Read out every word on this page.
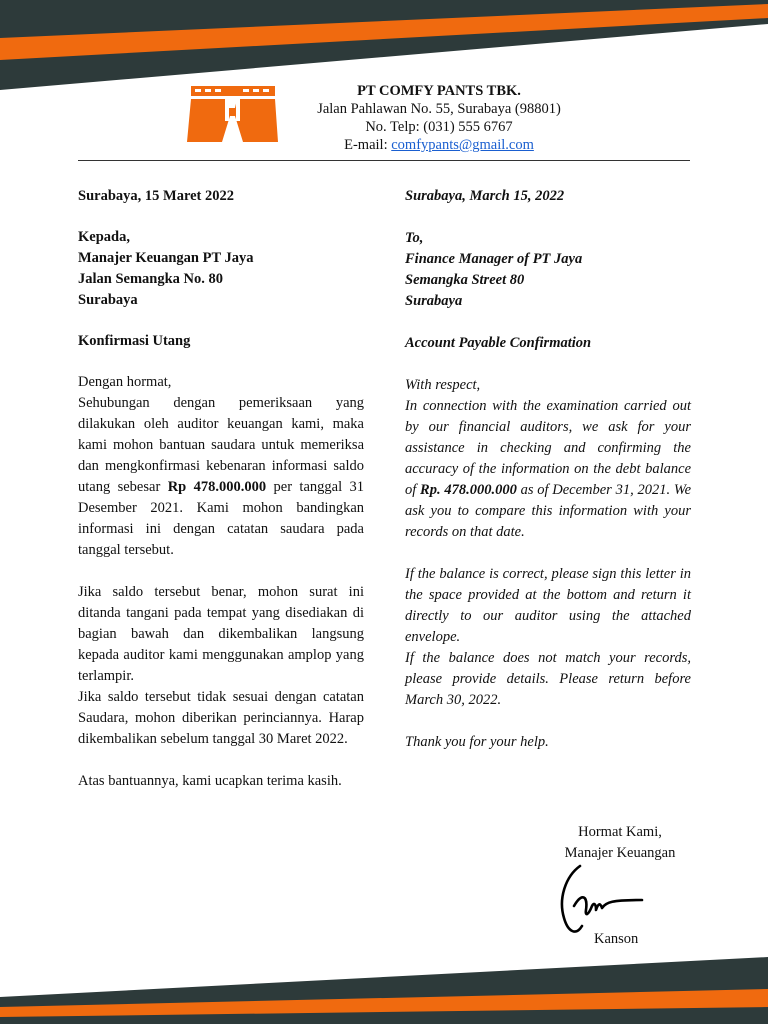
PT COMFY PANTS TBK.
Jalan Pahlawan No. 55, Surabaya (98801)
No. Telp: (031) 555 6767
E-mail: comfypants@gmail.com

Surabaya, 15 Maret 2022

Kepada,

Manajer Keuangan PT Jaya

Jalan Semangka No. 80

Surabaya

Konfirmasi Utang

Dengan hormat,

Sehubungan dengan pemeriksaan yang dilakukan oleh auditor keuangan kami, maka kami mohon bantuan saudara untuk memeriksa dan mengkonfirmasi kebenaran informasi saldo utang sebesar Rp 478.000.000 per tanggal 31 Desember 2021. Kami mohon bandingkan informasi ini dengan catatan saudara pada tanggal tersebut.

Jika saldo tersebut benar, mohon surat ini ditanda tangani pada tempat yang disediakan di bagian bawah dan dikembalikan langsung kepada auditor kami menggunakan amplop yang terlampir.

Jika saldo tersebut tidak sesuai dengan catatan Saudara, mohon diberikan perinciannya. Harap dikembalikan sebelum tanggal 30 Maret 2022.

Atas bantuannya, kami ucapkan terima kasih.

Surabaya, March 15, 2022

To,

Finance Manager of PT Jaya

Semangka Street 80

Surabaya

Account Payable Confirmation

With respect,

In connection with the examination carried out by our financial auditors, we ask for your assistance in checking and confirming the accuracy of the information on the debt balance of Rp. 478.000.000 as of December 31, 2021. We ask you to compare this information with your records on that date.

If the balance is correct, please sign this letter in the space provided at the bottom and return it directly to our auditor using the attached envelope.

If the balance does not match your records, please provide details. Please return before March 30, 2022.

Thank you for your help.

Hormat Kami,

Manajer Keuangan

Kanson
